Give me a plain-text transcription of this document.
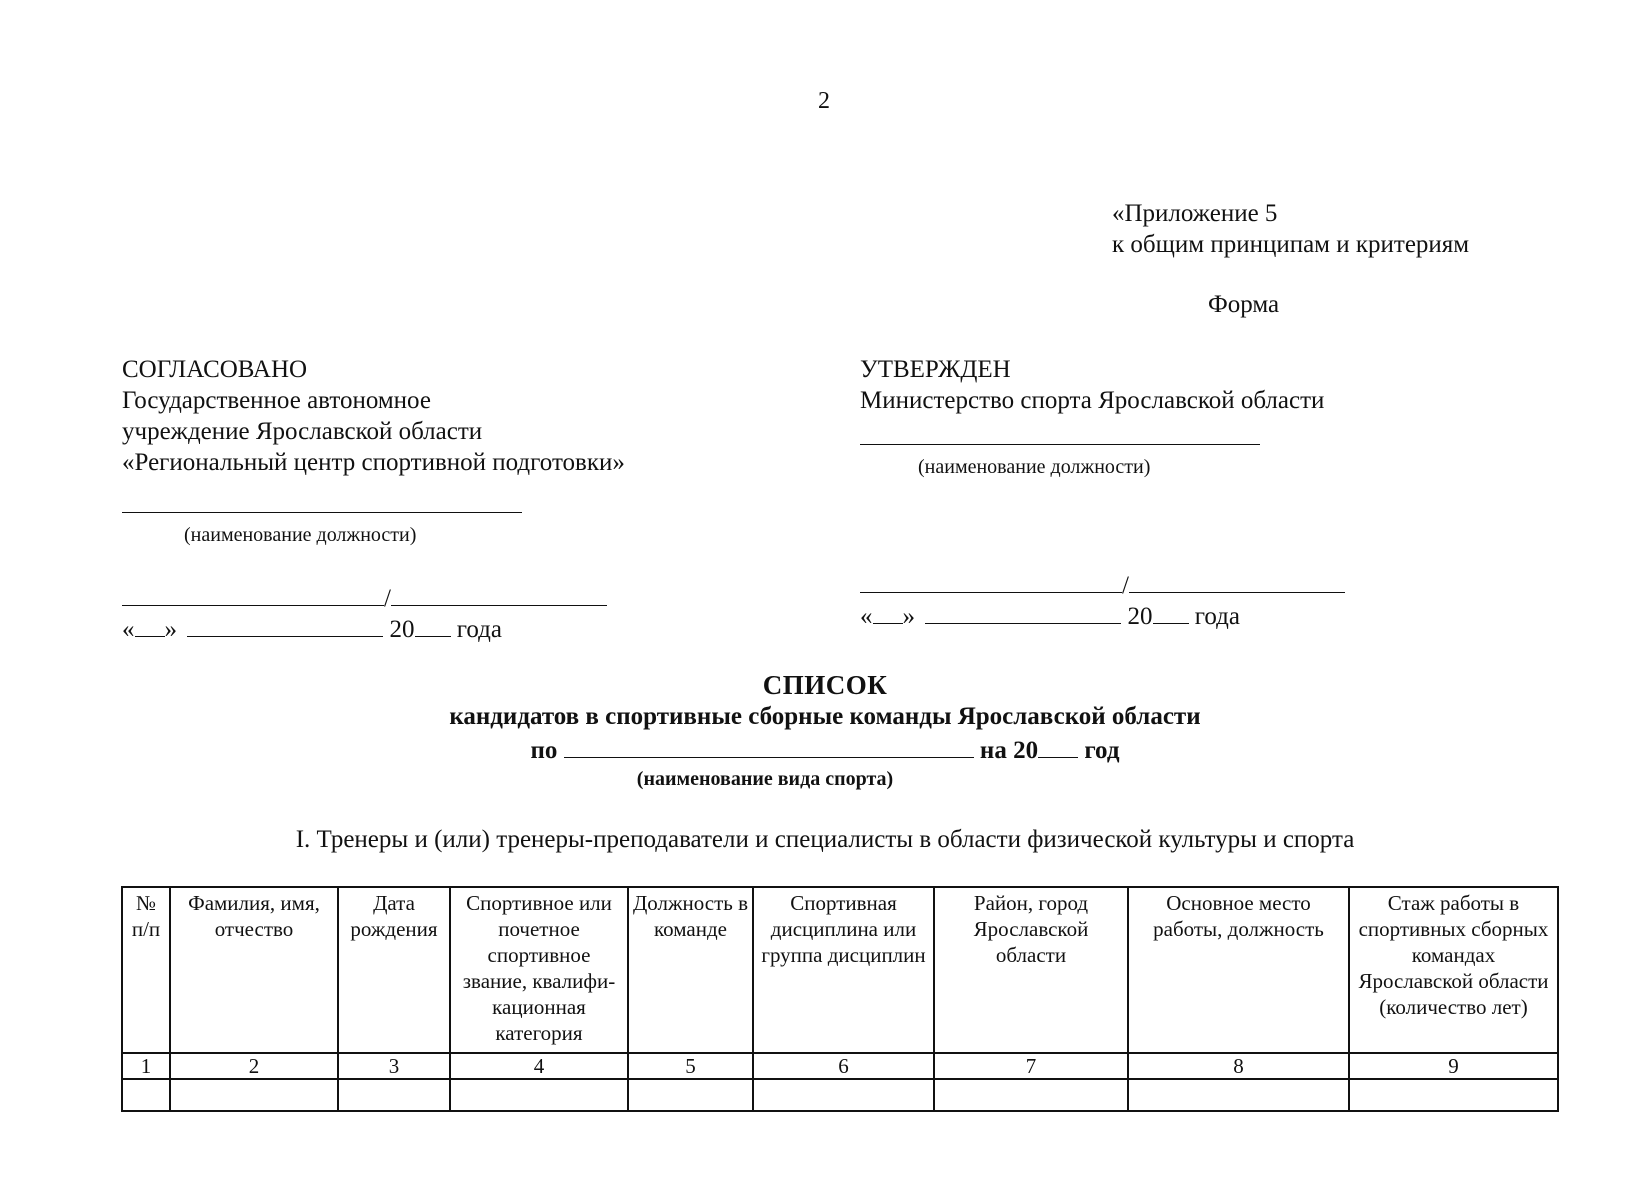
2
«Приложение 5
к общим принципам и критериям
Форма
СОГЛАСОВАНО
Государственное автономное
учреждение Ярославской области
«Региональный центр спортивной подготовки»
(наименование должности)
/
« »	20 года
УТВЕРЖДЕН
Министерство спорта Ярославской области
(наименование должности)
/
« »	20 года
СПИСОК
кандидатов в спортивные сборные команды Ярославской области
по	на 20 год
(наименование вида спорта)
I. Тренеры и (или) тренеры-преподаватели и специалисты в области физической культуры и спорта
№ п/п	Фамилия, имя, отчество	Дата рождения	Спортивное или почетное спортивное звание, квалифи- кационная категория	Должность в команде	Спортивная дисциплина или группа дисциплин	Район, город Ярославской области	Основное место работы, должность	Стаж работы в спортивных сборных командах Ярославской области (количество лет)
1	2	3	4	5	6	7	8	9
